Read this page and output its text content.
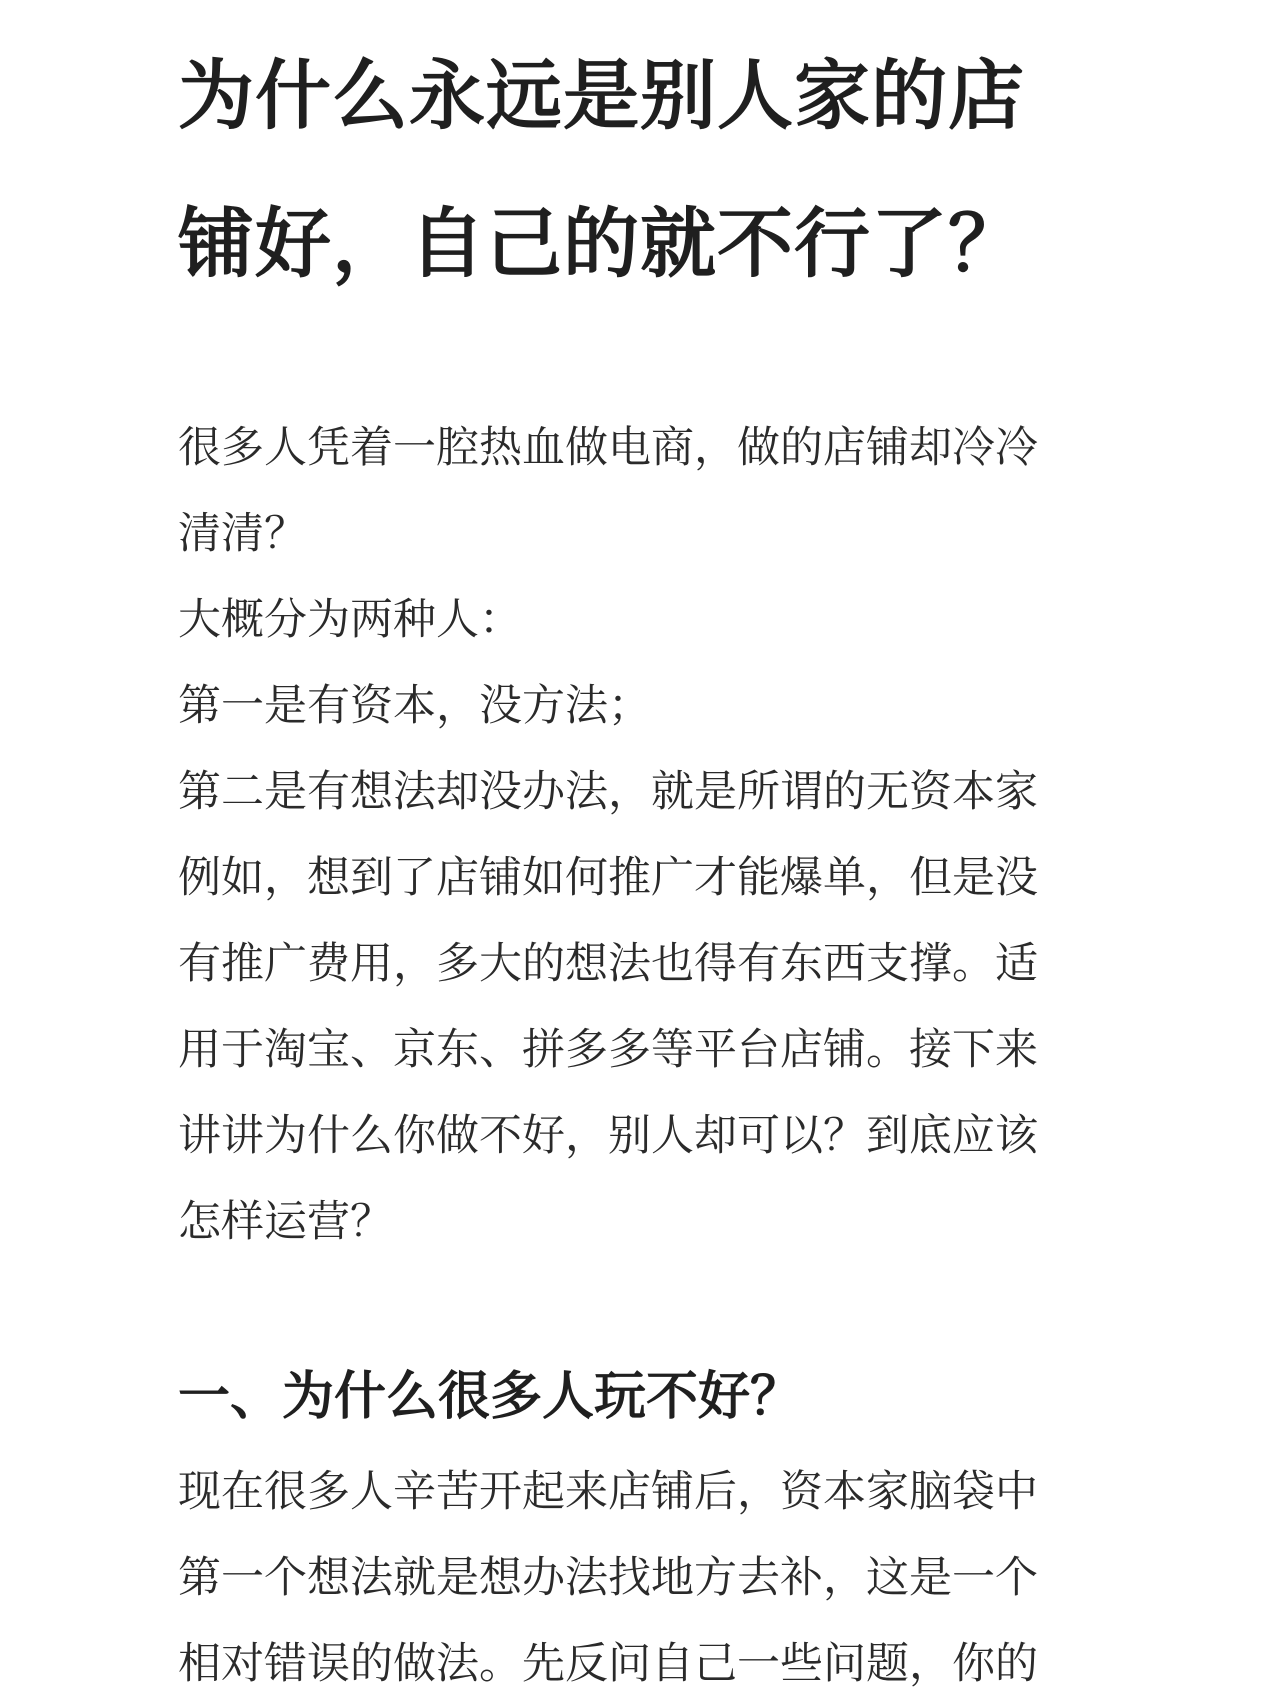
为什么永远是别人家的店
铺好，自己的就不行了？

很多人凭着一腔热血做电商，做的店铺却冷冷
清清？

大概分为两种人：

第一是有资本，没方法；

第二是有想法却没办法，就是所谓的无资本家

例如，想到了店铺如何推广才能爆单，但是没
有推广费用，多大的想法也得有东西支撑。适
用于淘宝、京东、拼多多等平台店铺。接下来
讲讲为什么你做不好，别人却可以？到底应该
怎样运营？

一、为什么很多人玩不好？

现在很多人辛苦开起来店铺后，资本家脑袋中
第一个想法就是想办法找地方去补，这是一个
相对错误的做法。先反问自己一些问题，你的
